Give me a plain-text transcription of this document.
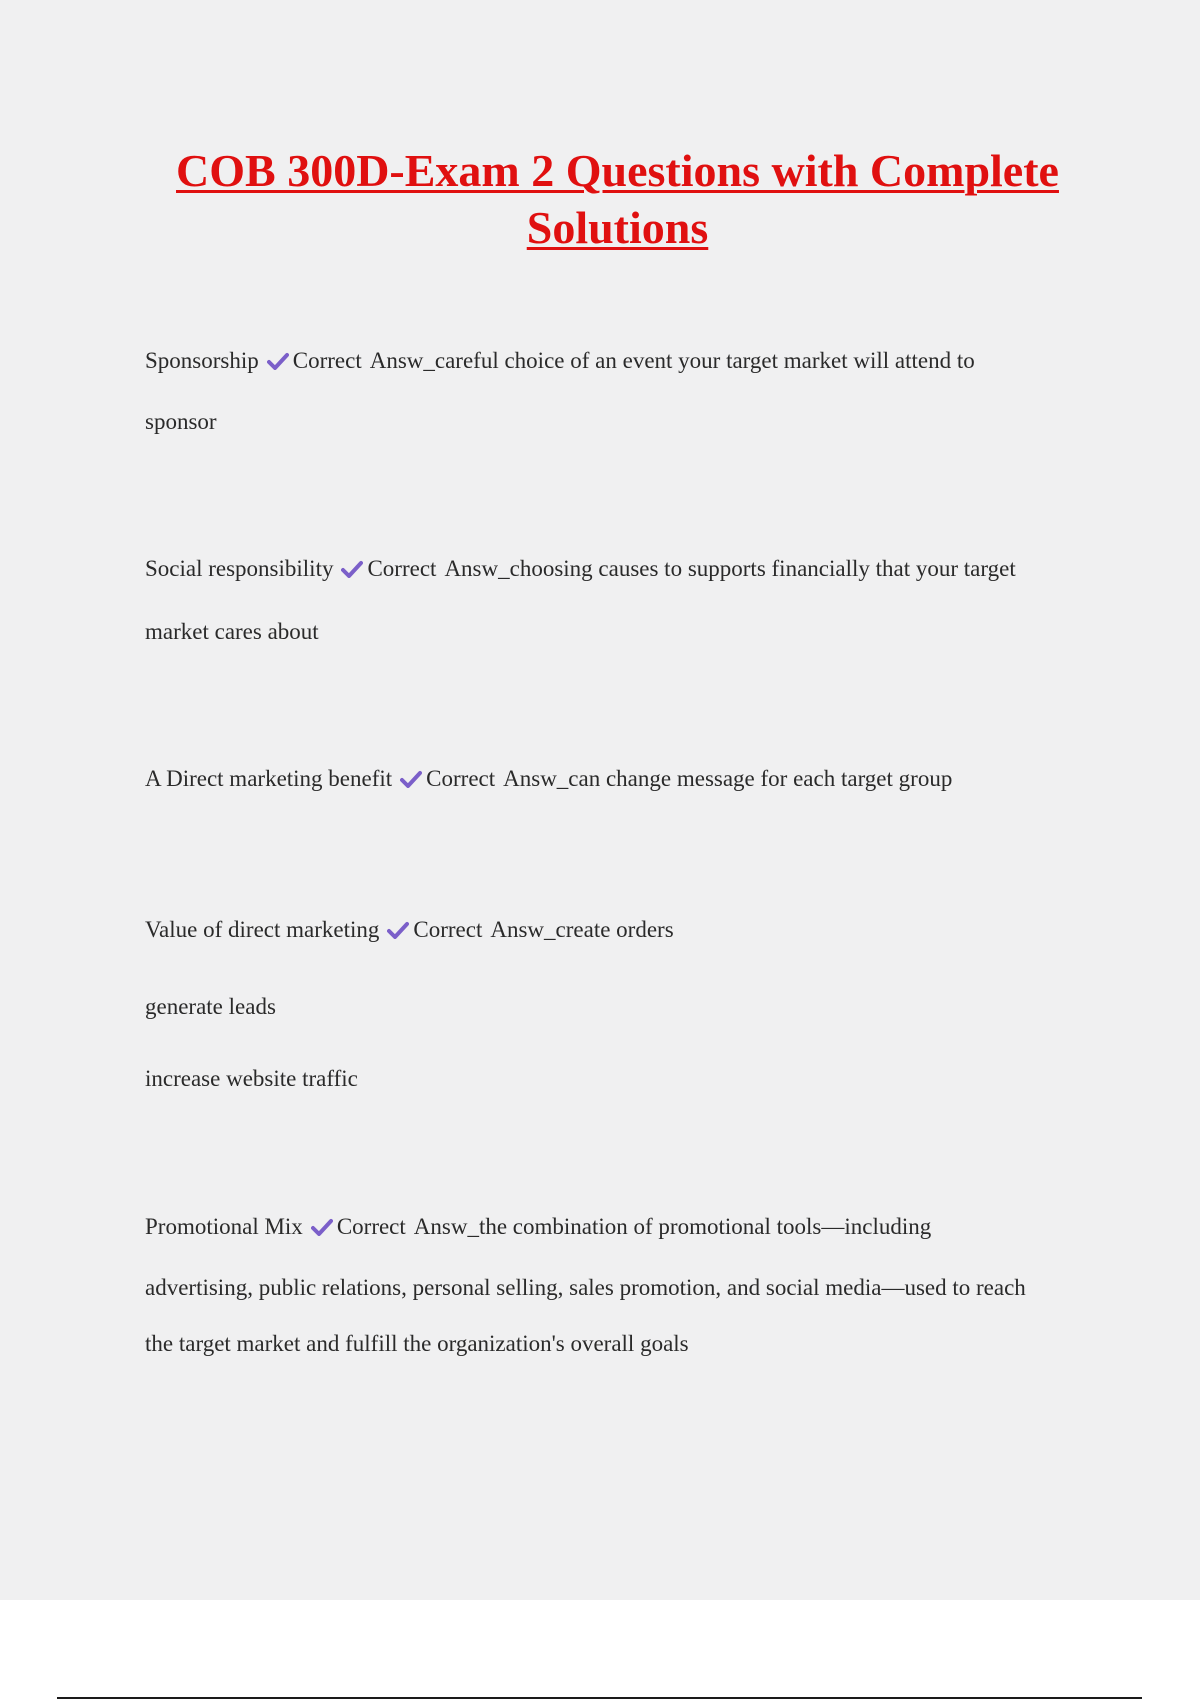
COB 300D-Exam 2 Questions with Complete Solutions
Sponsorship Correct Answ_careful choice of an event your target market will attend to
sponsor
Social responsibility Correct Answ_choosing causes to supports financially that your target
market cares about
A Direct marketing benefit Correct Answ_can change message for each target group
Value of direct marketing Correct Answ_create orders
generate leads
increase website traffic
Promotional Mix Correct Answ_the combination of promotional tools—including
advertising, public relations, personal selling, sales promotion, and social media—used to reach
the target market and fulfill the organization's overall goals
